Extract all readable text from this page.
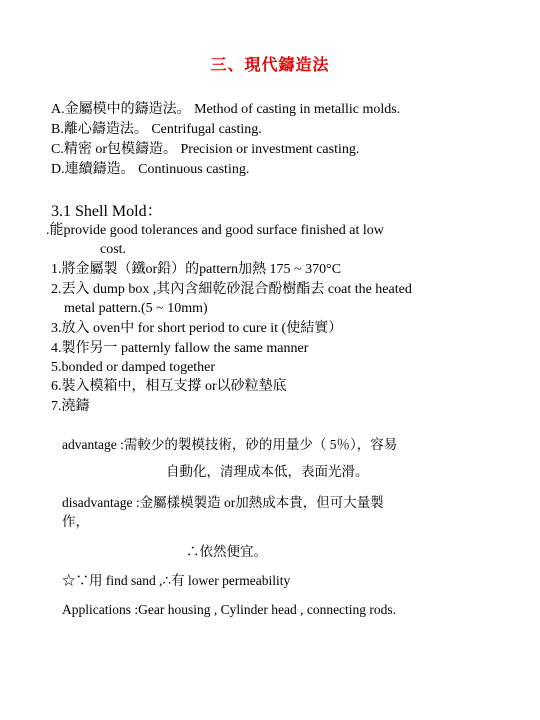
三、現代鑄造法
A.金屬模中的鑄造法。 Method of casting in metallic molds.
B.離心鑄造法。 Centrifugal casting.
C.精密 or包模鑄造。 Precision or investment casting.
D.連續鑄造。 Continuous casting.
3.1 Shell Mold：
.能provide good tolerances and good surface finished at low
cost.
1.將金屬製（鐵or鉛）的pattern加熱 175 ~ 370°C
2.丟入 dump box ,其內含細乾砂混合酚樹酯去 coat the heated
metal pattern.(5 ~ 10mm)
3.放入 oven中 for short period to cure it (使結實）
4.製作另一 patternly fallow the same manner
5.bonded or damped together
6.裝入模箱中，相互支撐 or以砂粒墊底
7.澆鑄
advantage :需較少的製模技術，砂的用量少（ 5％），容易
自動化，清理成本低，表面光滑。
disadvantage :金屬樣模製造 or加熱成本貴，但可大量製
作，
∴依然便宜。
☆∵用 find sand ,∴有 lower permeability
Applications :Gear housing , Cylinder head , connecting rods.
